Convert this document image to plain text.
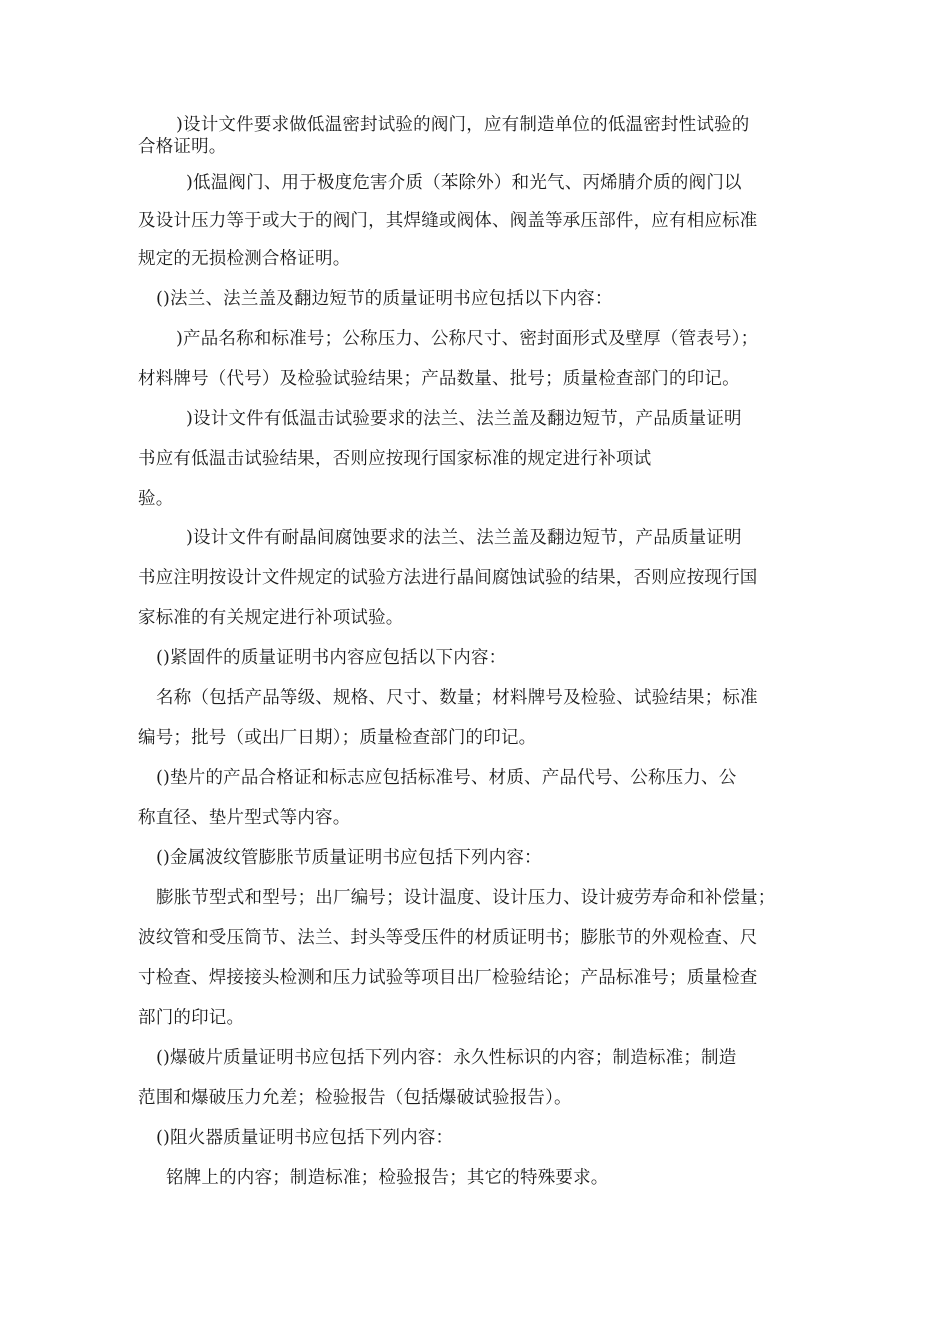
)设计文件要求做低温密封试验的阀门，应有制造单位的低温密封性试验的
合格证明。
)低温阀门、用于极度危害介质（苯除外）和光气、丙烯腈介质的阀门以
及设计压力等于或大于的阀门，其焊缝或阀体、阀盖等承压部件，应有相应标准
规定的无损检测合格证明。
()法兰、法兰盖及翻边短节的质量证明书应包括以下内容：
)产品名称和标准号；公称压力、公称尺寸、密封面形式及壁厚（管表号）；
材料牌号（代号）及检验试验结果；产品数量、批号；质量检查部门的印记。
)设计文件有低温击试验要求的法兰、法兰盖及翻边短节，产品质量证明
书应有低温击试验结果，否则应按现行国家标准的规定进行补项试
验。
)设计文件有耐晶间腐蚀要求的法兰、法兰盖及翻边短节，产品质量证明
书应注明按设计文件规定的试验方法进行晶间腐蚀试验的结果，否则应按现行国
家标准的有关规定进行补项试验。
()紧固件的质量证明书内容应包括以下内容：
名称（包括产品等级、规格、尺寸、数量；材料牌号及检验、试验结果；标准
编号；批号（或出厂日期）；质量检查部门的印记。
()垫片的产品合格证和标志应包括标准号、材质、产品代号、公称压力、公
称直径、垫片型式等内容。
()金属波纹管膨胀节质量证明书应包括下列内容：
膨胀节型式和型号；出厂编号；设计温度、设计压力、设计疲劳寿命和补偿量；
波纹管和受压筒节、法兰、封头等受压件的材质证明书；膨胀节的外观检查、尺
寸检查、焊接接头检测和压力试验等项目出厂检验结论；产品标准号；质量检查
部门的印记。
()爆破片质量证明书应包括下列内容：永久性标识的内容；制造标准；制造
范围和爆破压力允差；检验报告（包括爆破试验报告）。
()阻火器质量证明书应包括下列内容：
铭牌上的内容；制造标准；检验报告；其它的特殊要求。
